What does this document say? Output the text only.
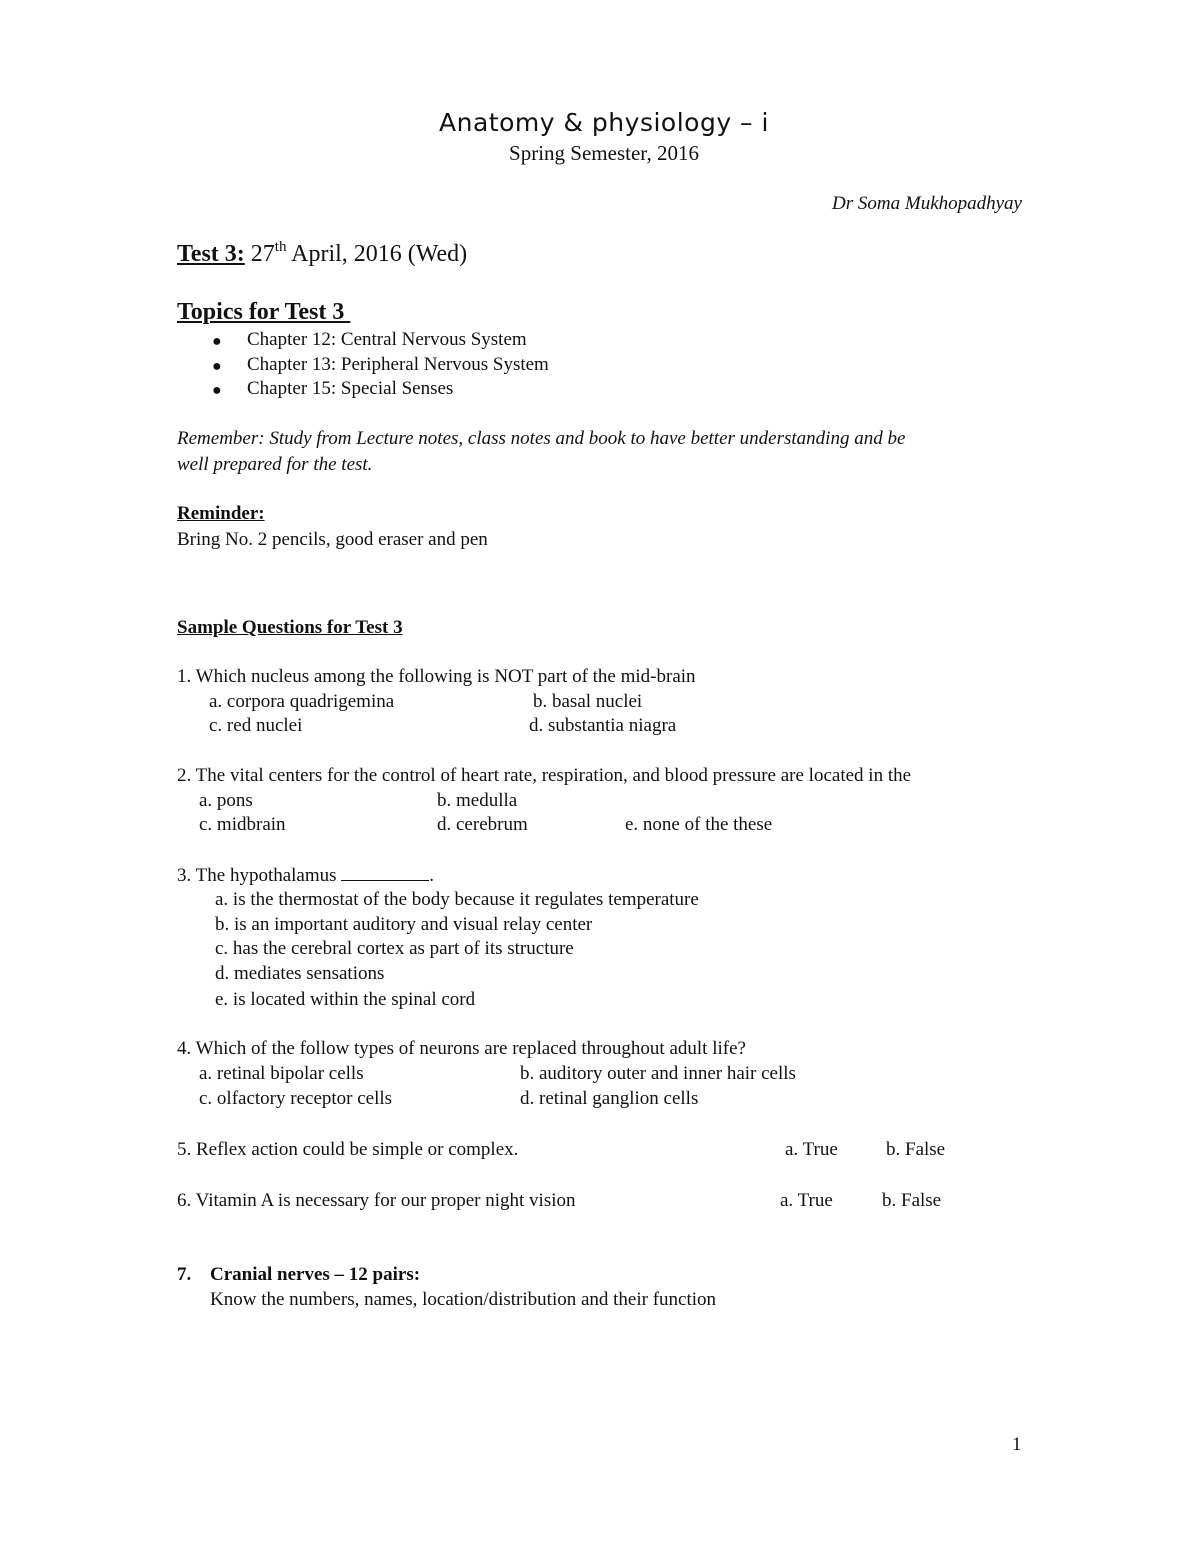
Anatomy & physiology – i
Spring Semester, 2016
Dr Soma Mukhopadhyay
Test 3: 27th April, 2016 (Wed)
Topics for Test 3
● Chapter 12: Central Nervous System
● Chapter 13: Peripheral Nervous System
● Chapter 15: Special Senses
Remember: Study from Lecture notes, class notes and book to have better understanding and be
well prepared for the test.
Reminder:
Bring No. 2 pencils, good eraser and pen
Sample Questions for Test 3
1. Which nucleus among the following is NOT part of the mid-brain
a. corpora quadrigemina	b. basal nuclei
c. red nuclei	d. substantia niagra
2. The vital centers for the control of heart rate, respiration, and blood pressure are located in the
a. pons	b. medulla
c. midbrain	d. cerebrum	e. none of the these
3. The hypothalamus	.
a. is the thermostat of the body because it regulates temperature
b. is an important auditory and visual relay center
c. has the cerebral cortex as part of its structure
d. mediates sensations
e. is located within the spinal cord
4. Which of the follow types of neurons are replaced throughout adult life?
a. retinal bipolar cells	b. auditory outer and inner hair cells
c. olfactory receptor cells	d. retinal ganglion cells
5. Reflex action could be simple or complex.	a. True	b. False
6. Vitamin A is necessary for our proper night vision	a. True	b. False
7. Cranial nerves – 12 pairs:
Know the numbers, names, location/distribution and their function
1
